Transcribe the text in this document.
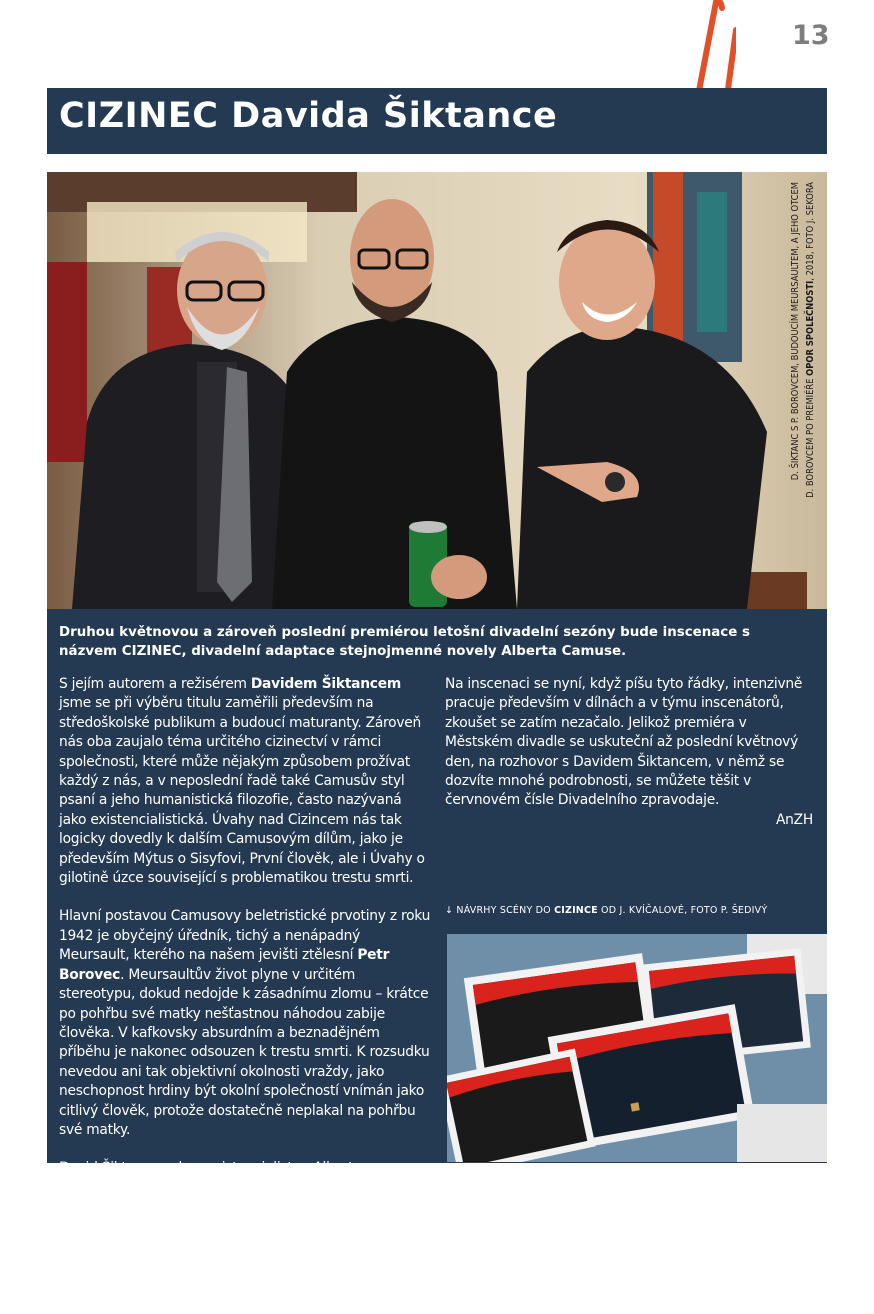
13
CIZINEC Davida Šiktance
D. ŠIKTANC S P. BOROVCEM, BUDOUCÍM MEURSAULTEM, A JEHO OTCEM D. BOROVCEM PO PREMIÉŘE OPOR SPOLEČNOSTI, 2018, FOTO J. SEKORA
Druhou květnovou a zároveň poslední premiérou letošní divadelní sezóny bude inscenace s názvem CIZINEC, divadelní adaptace stejnojmenné novely Alberta Camuse.

S jejím autorem a režisérem Davidem Šiktancem jsme se při výběru titulu zaměřili především na středoškolské publikum a budoucí maturanty. Zároveň nás oba zaujalo téma určitého cizinectví v rámci společnosti, které může nějakým způsobem prožívat každý z nás, a v neposlední řadě také Camusův styl psaní a jeho humanistická filozofie, často nazývaná jako existencialistická. Úvahy nad Cizincem nás tak logicky dovedly k dalším Camusovým dílům, jako je především Mýtus o Sisyfovi, První člověk, ale i Úvahy o gilotině úzce související s problematikou trestu smrti.

Hlavní postavou Camusovy beletristické prvotiny z roku 1942 je obyčejný úředník, tichý a nenápadný Meursault, kterého na našem jevišti ztělesní Petr Borovec. Meursaultův život plyne v určitém stereotypu, dokud nedojde k zásadnímu zlomu – krátce po pohřbu své matky nešťastnou náhodou zabije člověka. V kafkovsky absurdním a beznadějném příběhu je nakonec odsouzen k trestu smrti. K rozsudku nevedou ani tak objektivní okolnosti vraždy, jako neschopnost hrdiny být okolní společností vnímán jako citlivý člověk, protože dostatečně neplakal na pohřbu své matky.

David Šiktanc spolu s existencialistou Albertem Camusem pojímá příběh „cizince“ Meursaulta jako působivou oslavu člověka, který odmítá lhát sobě i okolí a čelí společenské představě, jak by se měl chovat a co by měl cítit, člověka, který dokáže zcela přijmout skutečnost a souhlasí s tím, že zemře pro pravdu, aniž by ji „těm druhým“ vnucoval.

Na inscenaci se nyní, když píšu tyto řádky, intenzivně pracuje především v dílnách a v týmu inscenátorů, zkoušet se zatím nezačalo. Jelikož premiéra v Městském divadle se uskuteční až poslední květnový den, na rozhovor s Davidem Šiktancem, v němž se dozvíte mnohé podrobnosti, se můžete těšit v červnovém čísle Divadelního zpravodaje.
AnZH

↓ NÁVRHY SCÉNY DO CIZINCE OD J. KVÍČALOVÉ, FOTO P. ŠEDIVÝ
